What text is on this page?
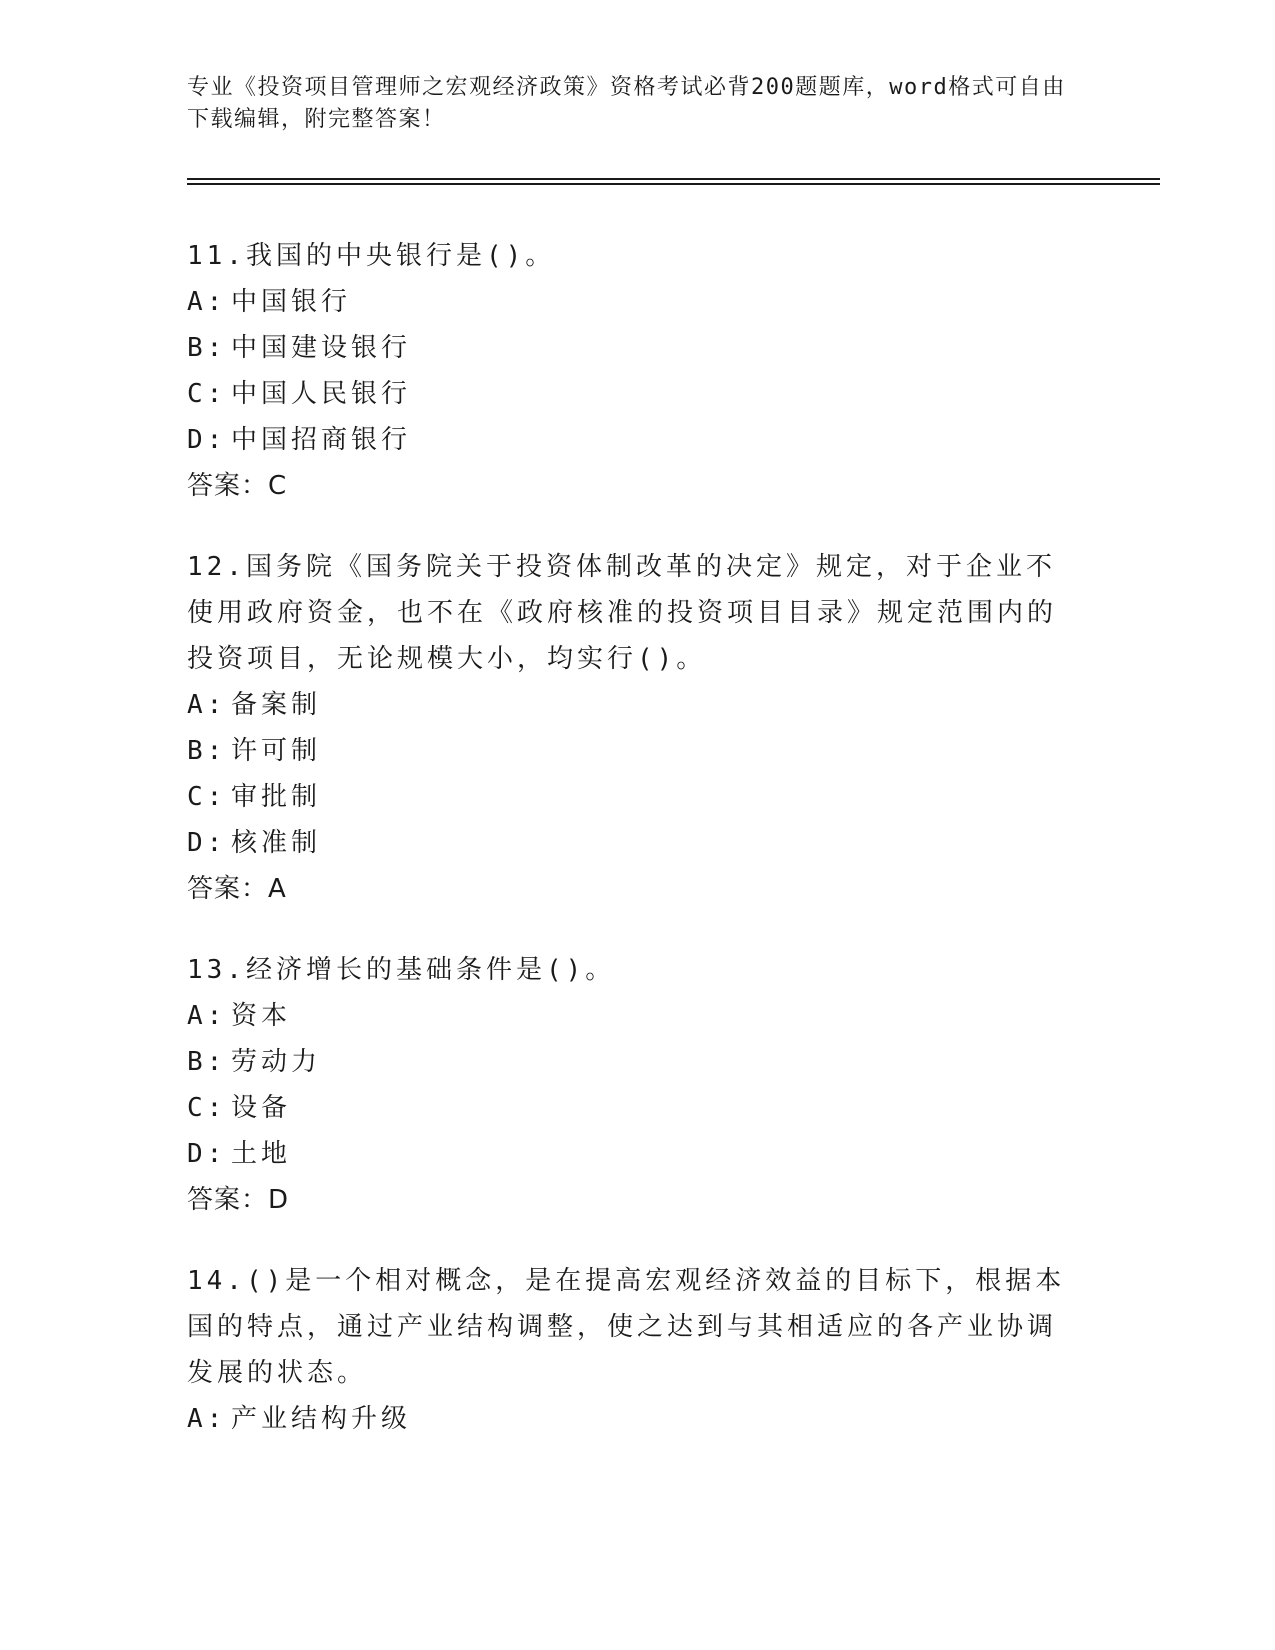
专业《投资项目管理师之宏观经济政策》资格考试必背200题题库，word格式可自由下载编辑，附完整答案！
11.我国的中央银行是()。
A: 中国银行
B: 中国建设银行
C: 中国人民银行
D: 中国招商银行
答案：C
12.国务院《国务院关于投资体制改革的决定》规定，对于企业不使用政府资金，也不在《政府核准的投资项目目录》规定范围内的投资项目，无论规模大小，均实行()。
A: 备案制
B: 许可制
C: 审批制
D: 核准制
答案：A
13.经济增长的基础条件是()。
A: 资本
B: 劳动力
C: 设备
D: 土地
答案：D
14.()是一个相对概念，是在提高宏观经济效益的目标下，根据本国的特点，通过产业结构调整，使之达到与其相适应的各产业协调发展的状态。
A: 产业结构升级
